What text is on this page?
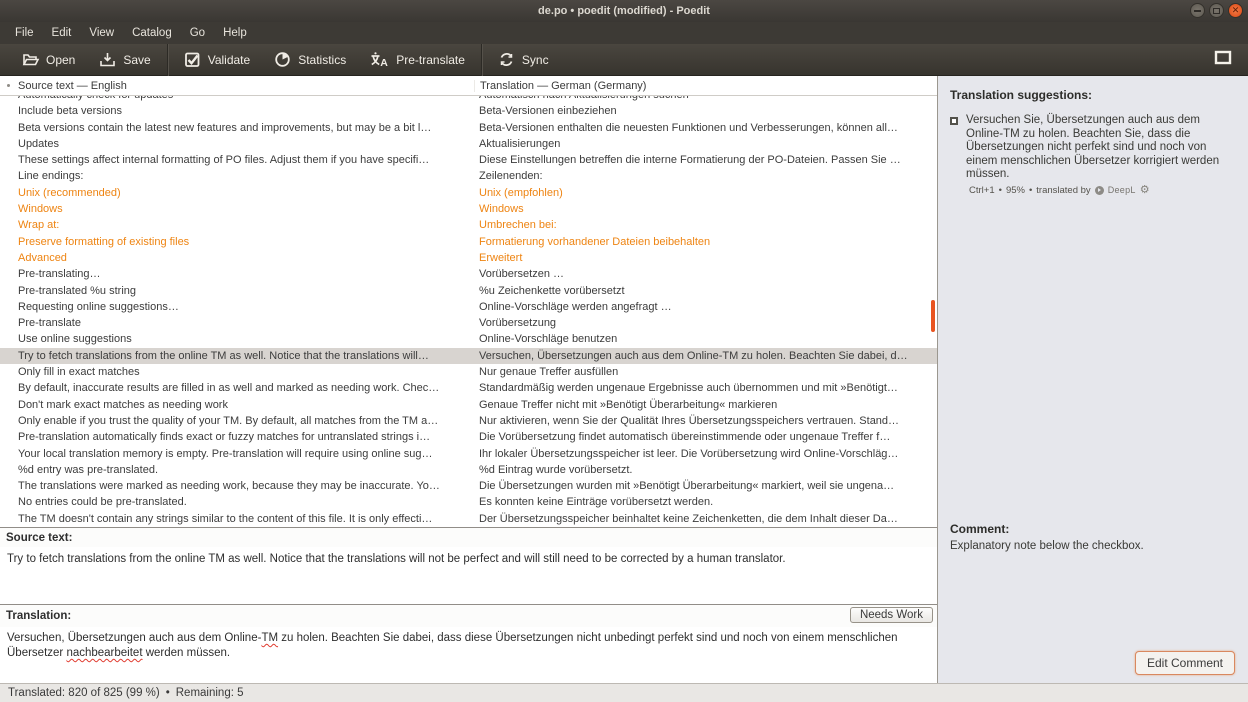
de.po • poedit (modified) - Poedit	✕
File	Edit	View	Catalog	Go	Help
Open	Save	Validate	Statistics	A Pre-translate	Sync
Source text — English	Translation — German (Germany)
Include beta versions	Beta-Versionen einbeziehen
Beta versions contain the latest new features and improvements, but may be a bit l…	Beta-Versionen enthalten die neuesten Funktionen und Verbesserungen, können all…
Updates	Aktualisierungen
These settings affect internal formatting of PO files. Adjust them if you have specifi…	Diese Einstellungen betreffen die interne Formatierung der PO-Dateien. Passen Sie …
Line endings:	Zeilenenden:
Unix (recommended)	Unix (empfohlen)
Windows	Windows
Wrap at:	Umbrechen bei:
Preserve formatting of existing files	Formatierung vorhandener Dateien beibehalten
Advanced	Erweitert
Pre-translating…	Vorübersetzen …
Pre-translated %u string	%u Zeichenkette vorübersetzt
Requesting online suggestions…	Online-Vorschläge werden angefragt …
Pre-translate	Vorübersetzung
Use online suggestions	Online-Vorschläge benutzen
Try to fetch translations from the online TM as well. Notice that the translations will…	Versuchen, Übersetzungen auch aus dem Online-TM zu holen. Beachten Sie dabei, d…
Only fill in exact matches	Nur genaue Treffer ausfüllen
By default, inaccurate results are filled in as well and marked as needing work. Chec…	Standardmäßig werden ungenaue Ergebnisse auch übernommen und mit »Benötigt…
Don't mark exact matches as needing work	Genaue Treffer nicht mit »Benötigt Überarbeitung« markieren
Only enable if you trust the quality of your TM. By default, all matches from the TM a…	Nur aktivieren, wenn Sie der Qualität Ihres Übersetzungsspeichers vertrauen. Stand…
Pre-translation automatically finds exact or fuzzy matches for untranslated strings i…	Die Vorübersetzung findet automatisch übereinstimmende oder ungenaue Treffer f…
Your local translation memory is empty. Pre-translation will require using online sug…	Ihr lokaler Übersetzungsspeicher ist leer. Die Vorübersetzung wird Online-Vorschläg…
%d entry was pre-translated.	%d Eintrag wurde vorübersetzt.
The translations were marked as needing work, because they may be inaccurate. Yo…	Die Übersetzungen wurden mit »Benötigt Überarbeitung« markiert, weil sie ungena…
No entries could be pre-translated.	Es konnten keine Einträge vorübersetzt werden.
The TM doesn't contain any strings similar to the content of this file. It is only effecti…	Der Übersetzungsspeicher beinhaltet keine Zeichenketten, die dem Inhalt dieser Da…
Source text:
Try to fetch translations from the online TM as well. Notice that the translations will not be perfect and will still need to be corrected by a human translator.
Translation:	Needs Work
Versuchen, Übersetzungen auch aus dem Online-TM zu holen. Beachten Sie dabei, dass diese Übersetzungen nicht unbedingt perfekt sind und noch von einem menschlichen Übersetzer nachbearbeitet werden müssen.
Translation suggestions:
Versuchen Sie, Übersetzungen auch aus dem Online-TM zu holen. Beachten Sie, dass die Übersetzungen nicht perfekt sind und noch von einem menschlichen Übersetzer korrigiert werden müssen.
Ctrl+1 • 95% • translated by DeepL ⚙
Comment:
Explanatory note below the checkbox.
Edit Comment
Translated: 820 of 825 (99 %) • Remaining: 5
